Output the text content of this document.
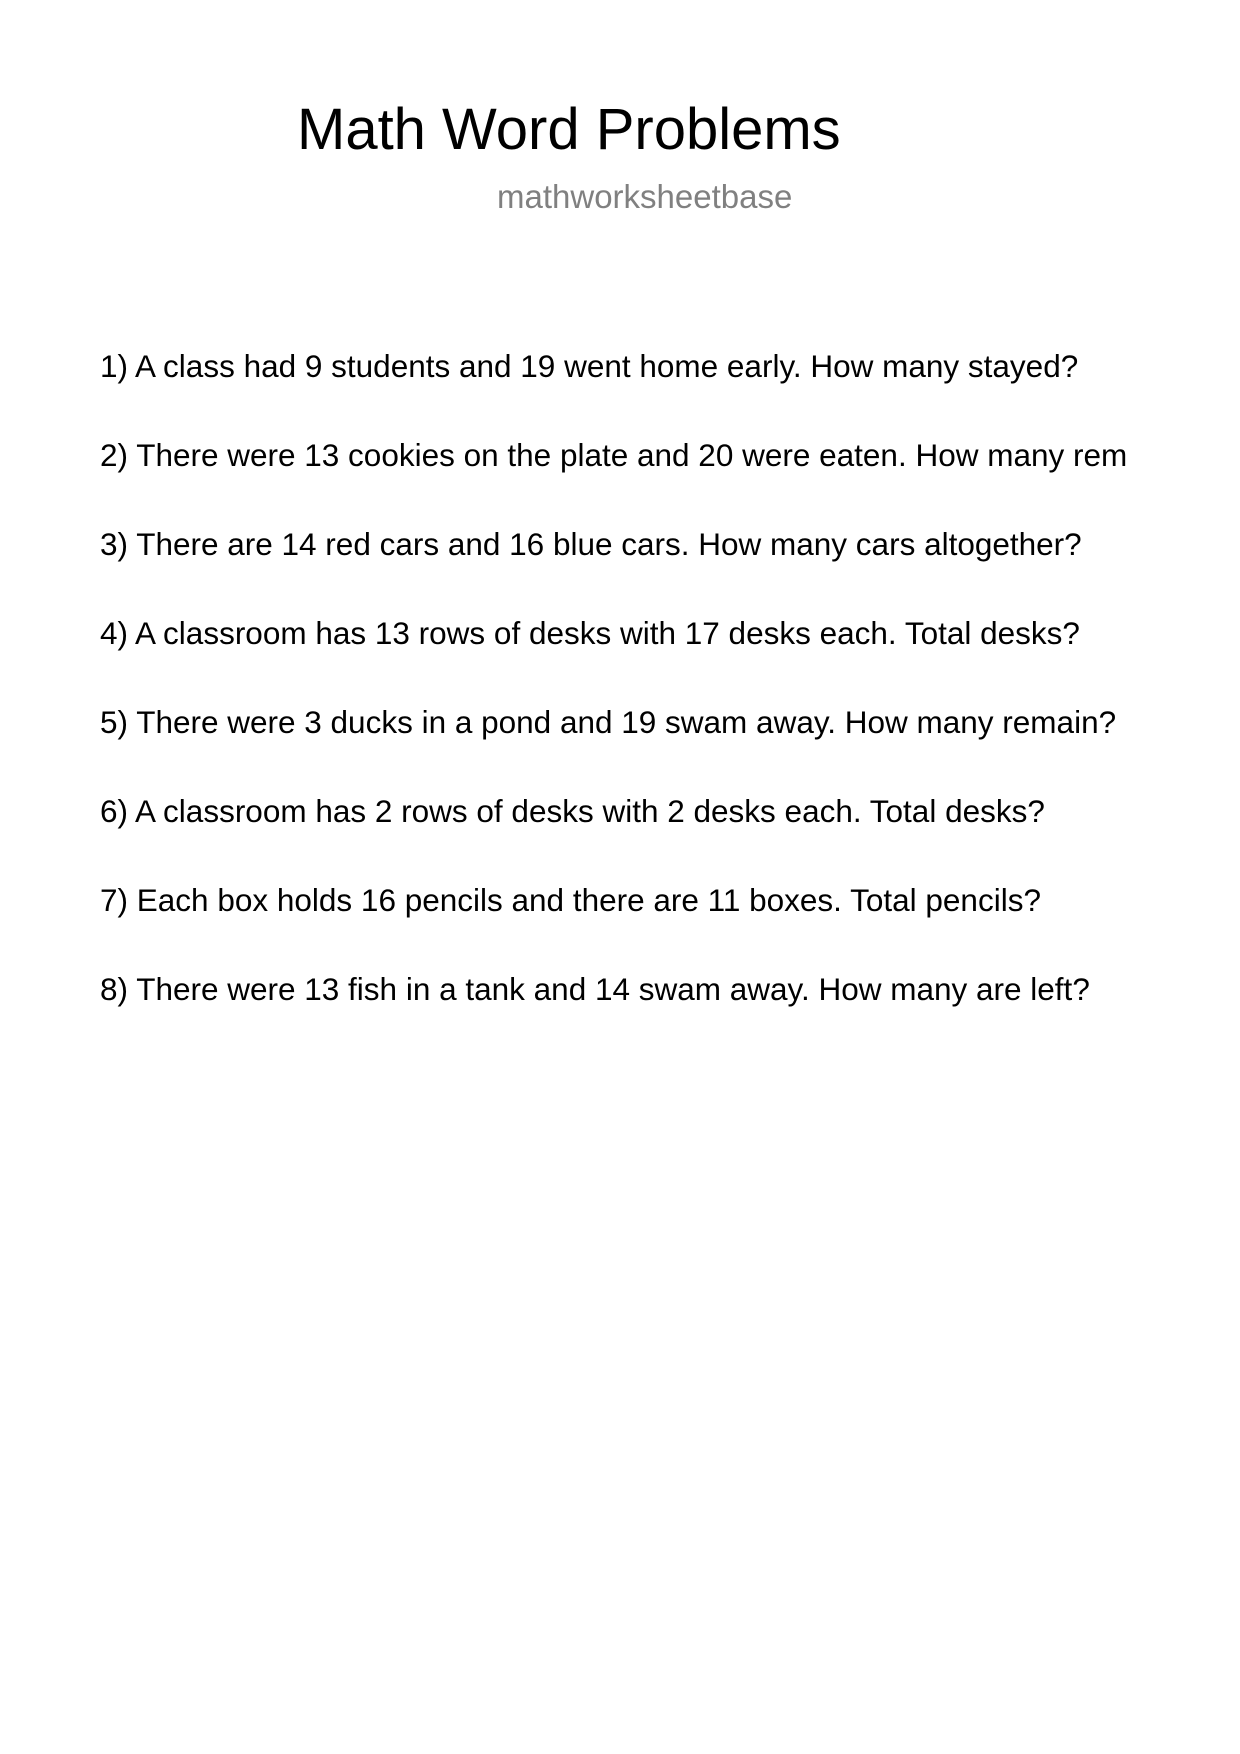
Math Word Problems
mathworksheetbase
1) A class had 9 students and 19 went home early. How many stayed?
2) There were 13 cookies on the plate and 20 were eaten. How many rem
3) There are 14 red cars and 16 blue cars. How many cars altogether?
4) A classroom has 13 rows of desks with 17 desks each. Total desks?
5) There were 3 ducks in a pond and 19 swam away. How many remain?
6) A classroom has 2 rows of desks with 2 desks each. Total desks?
7) Each box holds 16 pencils and there are 11 boxes. Total pencils?
8) There were 13 fish in a tank and 14 swam away. How many are left?
